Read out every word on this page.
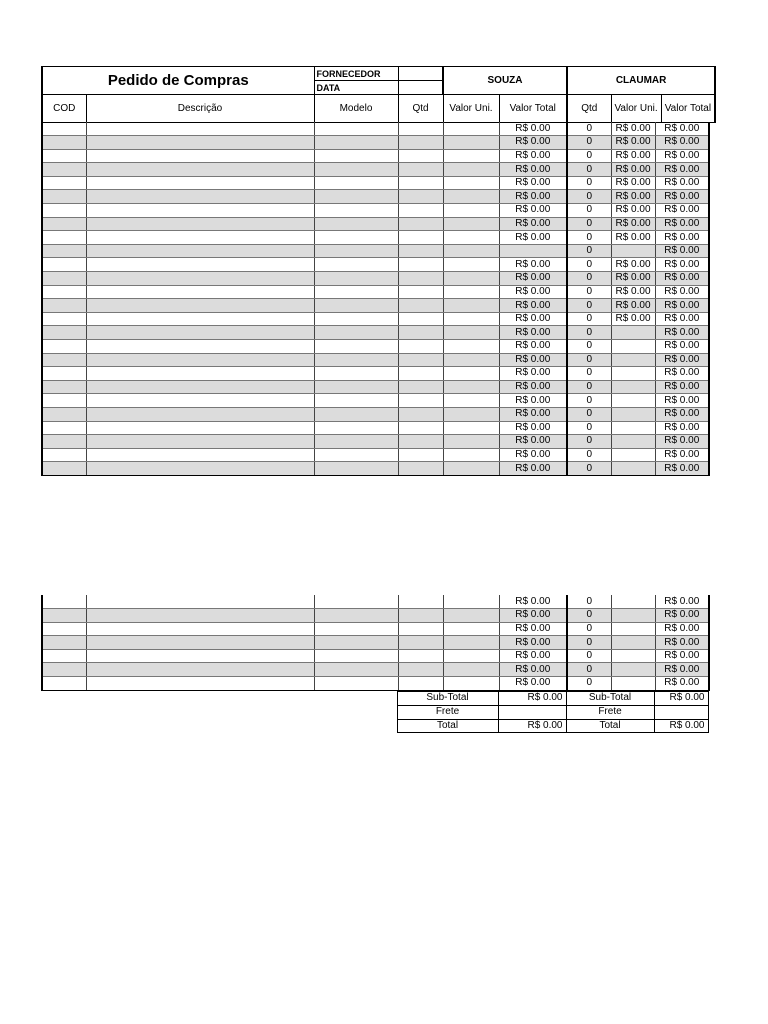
Pedido de Compras		FORNECEDOR		SOUZA		CLAUMAR		
		DATA						
COD	Descrição	Modelo	Qtd	Valor Uni.	Valor Total	Qtd	Valor Uni.	Valor Total
					R$ 0.00	0	R$ 0.00	R$ 0.00
					R$ 0.00	0	R$ 0.00	R$ 0.00
					R$ 0.00	0	R$ 0.00	R$ 0.00
					R$ 0.00	0	R$ 0.00	R$ 0.00
					R$ 0.00	0	R$ 0.00	R$ 0.00
					R$ 0.00	0	R$ 0.00	R$ 0.00
					R$ 0.00	0	R$ 0.00	R$ 0.00
					R$ 0.00	0	R$ 0.00	R$ 0.00
					R$ 0.00	0	R$ 0.00	R$ 0.00
						0		R$ 0.00
					R$ 0.00	0	R$ 0.00	R$ 0.00
					R$ 0.00	0	R$ 0.00	R$ 0.00
					R$ 0.00	0	R$ 0.00	R$ 0.00
					R$ 0.00	0	R$ 0.00	R$ 0.00
					R$ 0.00	0	R$ 0.00	R$ 0.00
					R$ 0.00	0		R$ 0.00
					R$ 0.00	0		R$ 0.00
					R$ 0.00	0		R$ 0.00
					R$ 0.00	0		R$ 0.00
					R$ 0.00	0		R$ 0.00
					R$ 0.00	0		R$ 0.00
					R$ 0.00	0		R$ 0.00
					R$ 0.00	0		R$ 0.00
					R$ 0.00	0		R$ 0.00
					R$ 0.00	0		R$ 0.00
					R$ 0.00	0		R$ 0.00
					R$ 0.00	0		R$ 0.00
					R$ 0.00	0		R$ 0.00
					R$ 0.00	0		R$ 0.00
					R$ 0.00	0		R$ 0.00
					R$ 0.00	0		R$ 0.00
					R$ 0.00	0		R$ 0.00
					R$ 0.00	0		R$ 0.00
	Sub-Total	R$ 0.00	Sub-Total	R$ 0.00
	Frete		Frete	
	Total	R$ 0.00	Total	R$ 0.00
